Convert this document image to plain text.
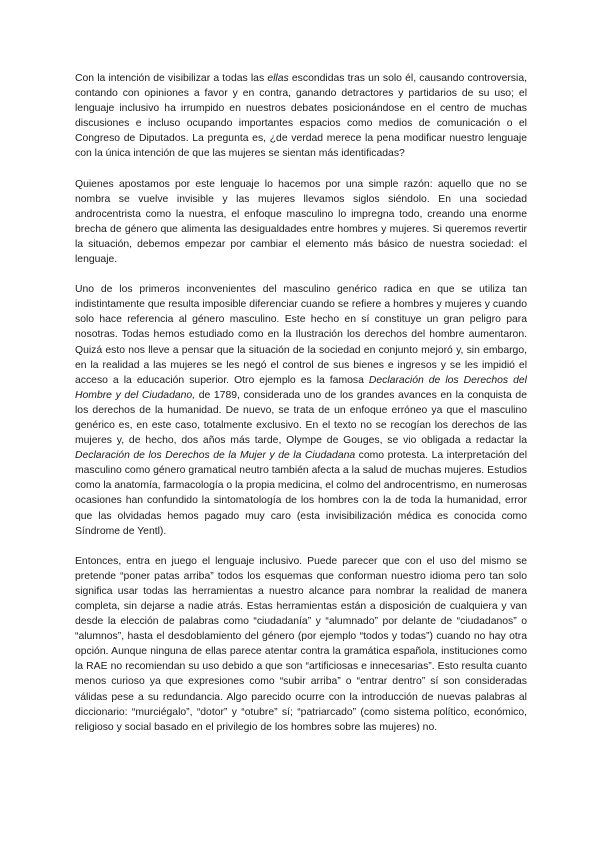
Con la intención de visibilizar a todas las ellas escondidas tras un solo él, causando controversia, contando con opiniones a favor y en contra, ganando detractores y partidarios de su uso; el lenguaje inclusivo ha irrumpido en nuestros debates posicionándose en el centro de muchas discusiones e incluso ocupando importantes espacios como medios de comunicación o el Congreso de Diputados. La pregunta es, ¿de verdad merece la pena modificar nuestro lenguaje con la única intención de que las mujeres se sientan más identificadas?

Quienes apostamos por este lenguaje lo hacemos por una simple razón: aquello que no se nombra se vuelve invisible y las mujeres llevamos siglos siéndolo. En una sociedad androcentrista como la nuestra, el enfoque masculino lo impregna todo, creando una enorme brecha de género que alimenta las desigualdades entre hombres y mujeres. Si queremos revertir la situación, debemos empezar por cambiar el elemento más básico de nuestra sociedad: el lenguaje.

Uno de los primeros inconvenientes del masculino genérico radica en que se utiliza tan indistintamente que resulta imposible diferenciar cuando se refiere a hombres y mujeres y cuando solo hace referencia al género masculino. Este hecho en sí constituye un gran peligro para nosotras. Todas hemos estudiado como en la Ilustración los derechos del hombre aumentaron. Quizá esto nos lleve a pensar que la situación de la sociedad en conjunto mejoró y, sin embargo, en la realidad a las mujeres se les negó el control de sus bienes e ingresos y se les impidió el acceso a la educación superior. Otro ejemplo es la famosa Declaración de los Derechos del Hombre y del Ciudadano, de 1789, considerada uno de los grandes avances en la conquista de los derechos de la humanidad. De nuevo, se trata de un enfoque erróneo ya que el masculino genérico es, en este caso, totalmente exclusivo. En el texto no se recogían los derechos de las mujeres y, de hecho, dos años más tarde, Olympe de Gouges, se vio obligada a redactar la Declaración de los Derechos de la Mujer y de la Ciudadana como protesta. La interpretación del masculino como género gramatical neutro también afecta a la salud de muchas mujeres. Estudios como la anatomía, farmacología o la propia medicina, el colmo del androcentrismo, en numerosas ocasiones han confundido la sintomatología de los hombres con la de toda la humanidad, error que las olvidadas hemos pagado muy caro (esta invisibilización médica es conocida como Síndrome de Yentl).

Entonces, entra en juego el lenguaje inclusivo. Puede parecer que con el uso del mismo se pretende “poner patas arriba” todos los esquemas que conforman nuestro idioma pero tan solo significa usar todas las herramientas a nuestro alcance para nombrar la realidad de manera completa, sin dejarse a nadie atrás. Estas herramientas están a disposición de cualquiera y van desde la elección de palabras como “ciudadanía” y “alumnado” por delante de “ciudadanos” o “alumnos”, hasta el desdoblamiento del género (por ejemplo “todos y todas”) cuando no hay otra opción. Aunque ninguna de ellas parece atentar contra la gramática española, instituciones como la RAE no recomiendan su uso debido a que son “artificiosas e innecesarias”. Esto resulta cuanto menos curioso ya que expresiones como “subir arriba” o “entrar dentro” sí son consideradas válidas pese a su redundancia. Algo parecido ocurre con la introducción de nuevas palabras al diccionario: “murciégalo”, “dotor” y “otubre” sí; “patriarcado” (como sistema político, económico, religioso y social basado en el privilegio de los hombres sobre las mujeres) no.
